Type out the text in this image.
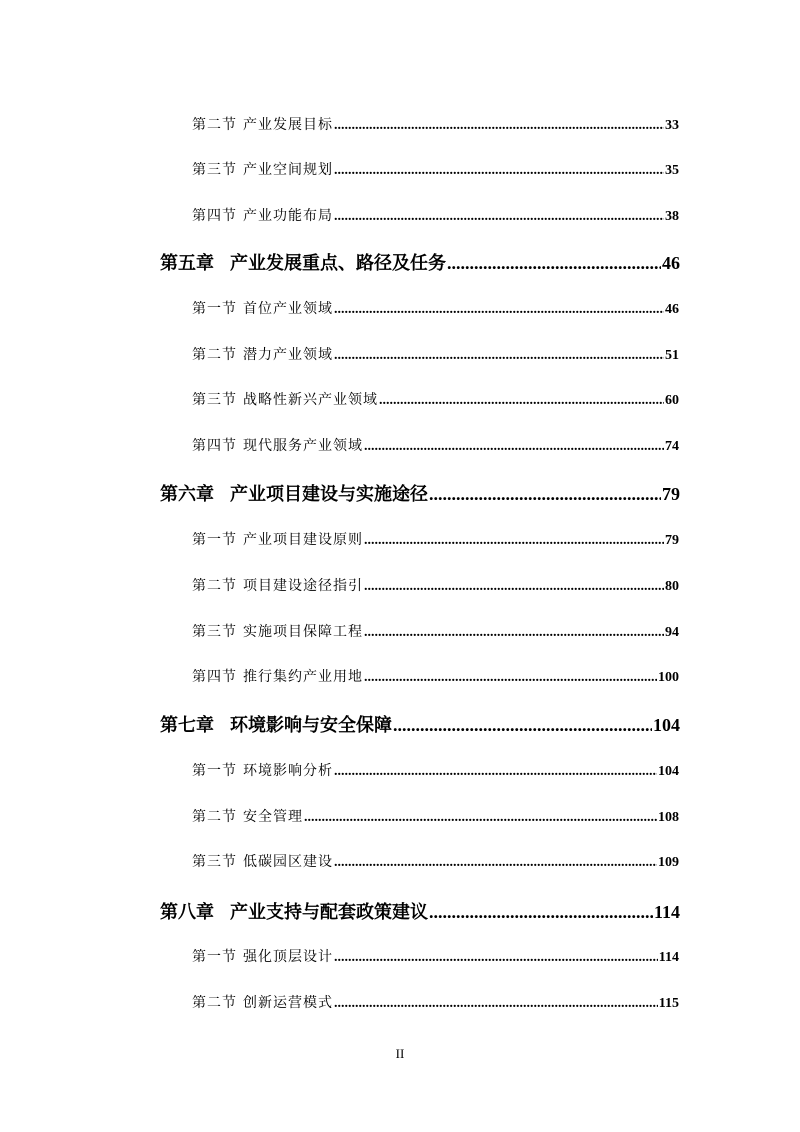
第二节 产业发展目标 .....	33
第三节 产业空间规划 .....	35
第四节 产业功能布局 .....	38
第五章 产业发展重点、路径及任务 .....	46
第一节 首位产业领域 .....	46
第二节 潜力产业领域 .....	51
第三节 战略性新兴产业领域 .....	60
第四节 现代服务产业领域 .....	74
第六章 产业项目建设与实施途径 .....	79
第一节 产业项目建设原则 .....	79
第二节 项目建设途径指引 .....	80
第三节 实施项目保障工程 .....	94
第四节 推行集约产业用地 .....	100
第七章 环境影响与安全保障 .....	104
第一节 环境影响分析 .....	104
第二节 安全管理 .....	108
第三节 低碳园区建设 .....	109
第八章 产业支持与配套政策建议 .....	114
第一节 强化顶层设计 .....	114
第二节 创新运营模式 .....	115
II
